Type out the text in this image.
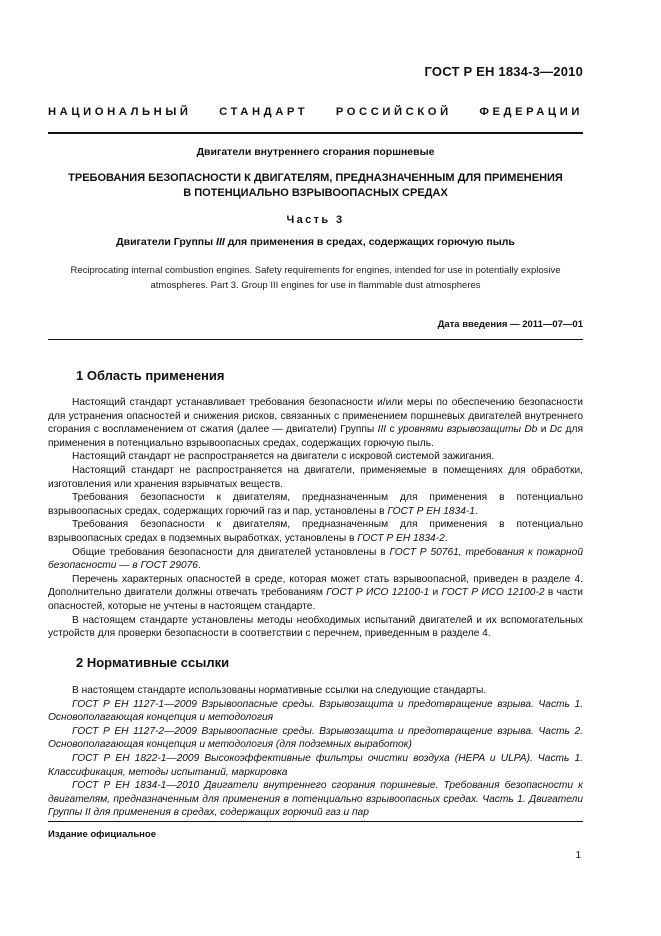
ГОСТ Р ЕН 1834-3—2010
НАЦИОНАЛЬНЫЙ СТАНДАРТ РОССИЙСКОЙ ФЕДЕРАЦИИ
Двигатели внутреннего сгорания поршневые
ТРЕБОВАНИЯ БЕЗОПАСНОСТИ К ДВИГАТЕЛЯМ, ПРЕДНАЗНАЧЕННЫМ ДЛЯ ПРИМЕНЕНИЯ
В ПОТЕНЦИАЛЬНО ВЗРЫВООПАСНЫХ СРЕДАХ
Часть 3
Двигатели Группы III для применения в средах, содержащих горючую пыль
Reciprocating internal combustion engines. Safety requirements for engines, intended for use in potentially explosive
atmospheres. Part 3. Group III engines for use in flammable dust atmospheres
Дата введения — 2011—07—01
1 Область применения

Настоящий стандарт устанавливает требования безопасности и/или меры по обеспечению безопасности для устранения опасностей и снижения рисков, связанных с применением поршневых двигателей внутреннего сгорания с воспламенением от сжатия (далее — двигатели) Группы III с уровнями взрывозащиты Db и Dc для применения в потенциально взрывоопасных средах, содержащих горючую пыль.

Настоящий стандарт не распространяется на двигатели с искровой системой зажигания.

Настоящий стандарт не распространяется на двигатели, применяемые в помещениях для обработки, изготовления или хранения взрывчатых веществ.

Требования безопасности к двигателям, предназначенным для применения в потенциально взрывоопасных средах, содержащих горючий газ и пар, установлены в ГОСТ Р ЕН 1834-1.

Требования безопасности к двигателям, предназначенным для применения в потенциально взрывоопасных средах в подземных выработках, установлены в ГОСТ Р ЕН 1834-2.

Общие требования безопасности для двигателей установлены в ГОСТ Р 50761, требования к пожарной безопасности — в ГОСТ 29076.

Перечень характерных опасностей в среде, которая может стать взрывоопасной, приведен в разделе 4. Дополнительно двигатели должны отвечать требованиям ГОСТ Р ИСО 12100-1 и ГОСТ Р ИСО 12100-2 в части опасностей, которые не учтены в настоящем стандарте.

В настоящем стандарте установлены методы необходимых испытаний двигателей и их вспомогательных устройств для проверки безопасности в соответствии с перечнем, приведенным в разделе 4.

2 Нормативные ссылки

В настоящем стандарте использованы нормативные ссылки на следующие стандарты.

ГОСТ Р ЕН 1127-1—2009 Взрывоопасные среды. Взрывозащита и предотвращение взрыва. Часть 1. Основополагающая концепция и методология

ГОСТ Р ЕН 1127-2—2009 Взрывоопасные среды. Взрывозащита и предотвращение взрыва. Часть 2. Основополагающая концепция и методология (для подземных выработок)

ГОСТ Р ЕН 1822-1—2009 Высокоэффективные фильтры очистки воздуха (HEPA и ULPA). Часть 1. Классификация, методы испытаний, маркировка

ГОСТ Р ЕН 1834-1—2010 Двигатели внутреннего сгорания поршневые. Требования безопасности к двигателям, предназначенным для применения в потенциально взрывоопасных средах. Часть 1. Двигатели Группы II для применения в средах, содержащих горючий газ и пар

Издание официальное
1
